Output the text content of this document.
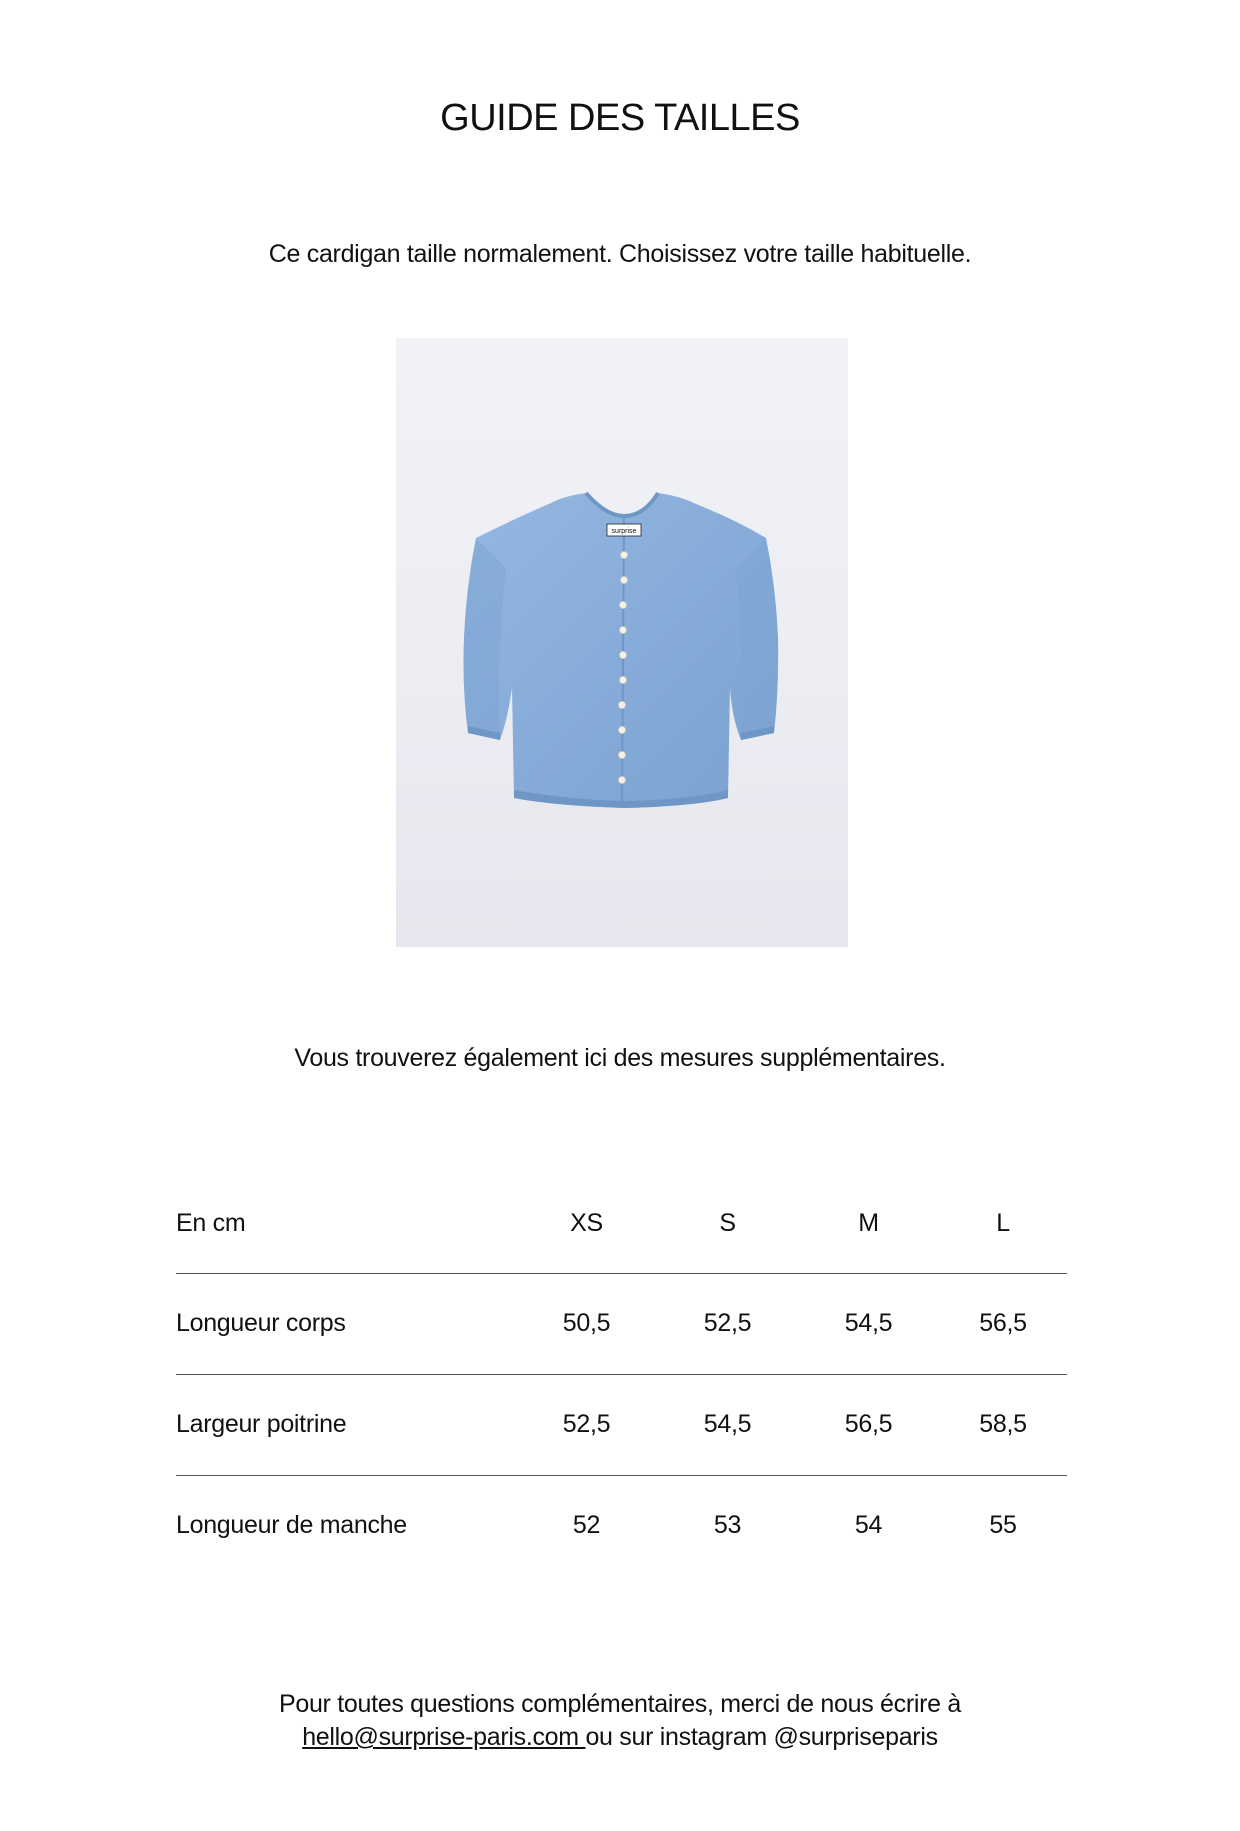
GUIDE DES TAILLES

Ce cardigan taille normalement. Choisissez votre taille habituelle.

surprise

Vous trouverez également ici des mesures supplémentaires.

En cm	XS	S	M	L
Longueur corps	50,5	52,5	54,5	56,5
Largeur poitrine	52,5	54,5	56,5	58,5
Longueur de manche	52	53	54	55
Pour toutes questions complémentaires, merci de nous écrire à
hello@surprise-paris.com ou sur instagram @surpriseparis
